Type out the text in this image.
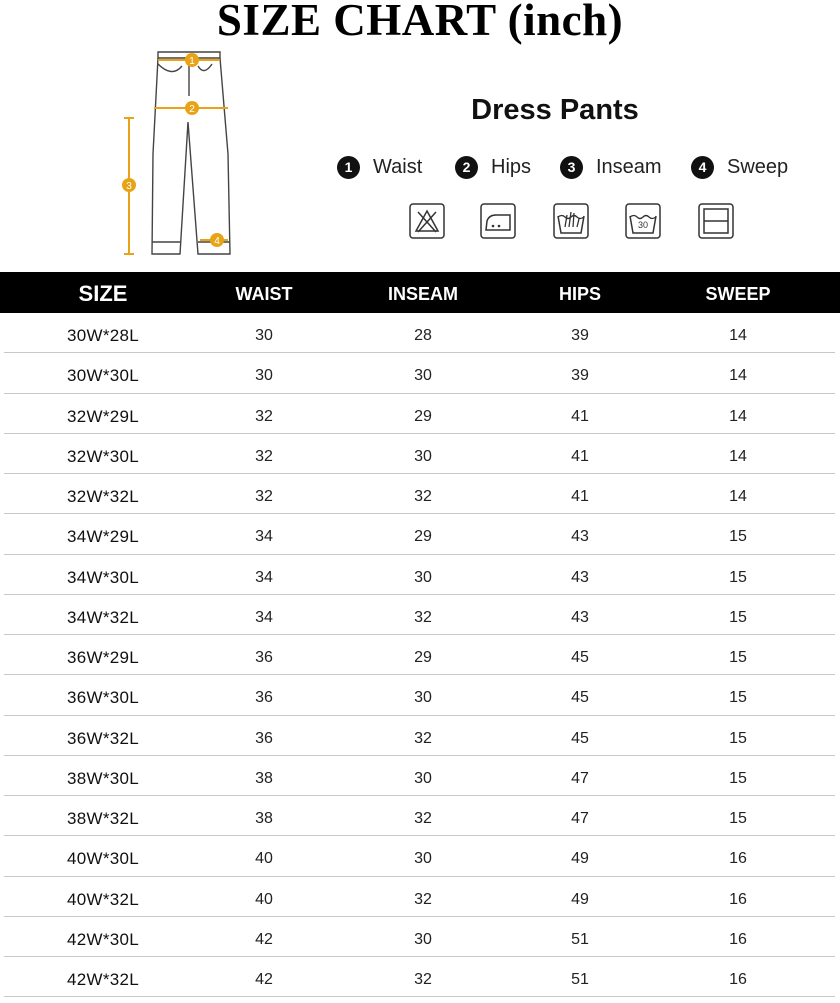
SIZE CHART (inch)
1
2
3
4
Dress Pants
1	Waist	2	Hips	3	Inseam	4	Sweep
30
SIZE	WAIST	INSEAM	HIPS	SWEEP
30W*28L	30	28	39	14
30W*30L	30	30	39	14
32W*29L	32	29	41	14
32W*30L	32	30	41	14
32W*32L	32	32	41	14
34W*29L	34	29	43	15
34W*30L	34	30	43	15
34W*32L	34	32	43	15
36W*29L	36	29	45	15
36W*30L	36	30	45	15
36W*32L	36	32	45	15
38W*30L	38	30	47	15
38W*32L	38	32	47	15
40W*30L	40	30	49	16
40W*32L	40	32	49	16
42W*30L	42	30	51	16
42W*32L	42	32	51	16
